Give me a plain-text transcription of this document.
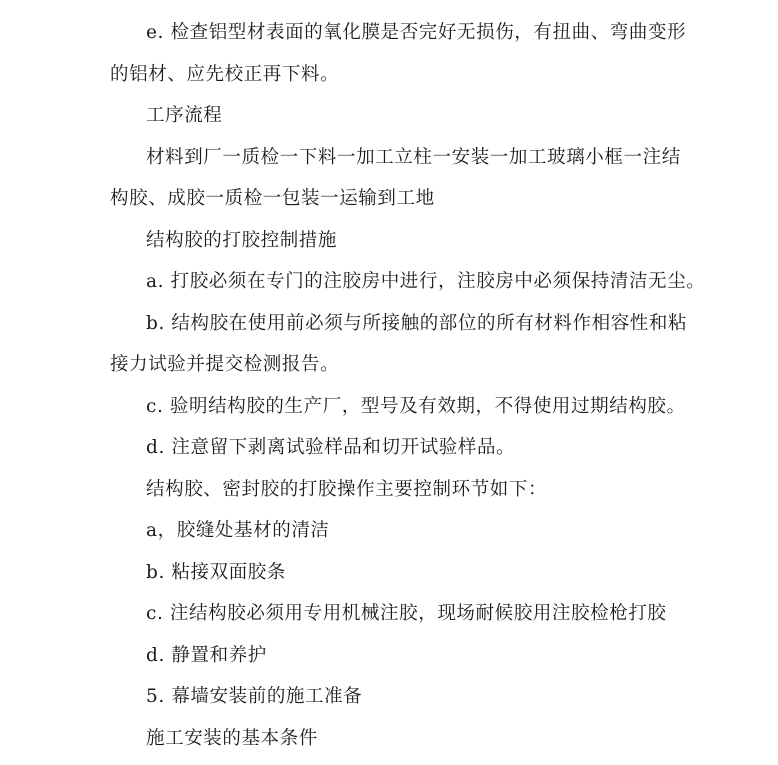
e. 检查铝型材表面的氧化膜是否完好无损伤，有扭曲、弯曲变形

的铝材、应先校正再下料。

工序流程

材料到厂一质检一下料一加工立柱一安装一加工玻璃小框一注结

构胶、成胶一质检一包装一运输到工地

结构胶的打胶控制措施

a. 打胶必须在专门的注胶房中进行，注胶房中必须保持清洁无尘。

b. 结构胶在使用前必须与所接触的部位的所有材料作相容性和粘

接力试验并提交检测报告。

c. 验明结构胶的生产厂，型号及有效期，不得使用过期结构胶。

d. 注意留下剥离试验样品和切开试验样品。

结构胶、密封胶的打胶操作主要控制环节如下：

a，胶缝处基材的清洁

b. 粘接双面胶条

c. 注结构胶必须用专用机械注胶，现场耐候胶用注胶检枪打胶

d. 静置和养护

5. 幕墙安装前的施工准备

施工安装的基本条件
